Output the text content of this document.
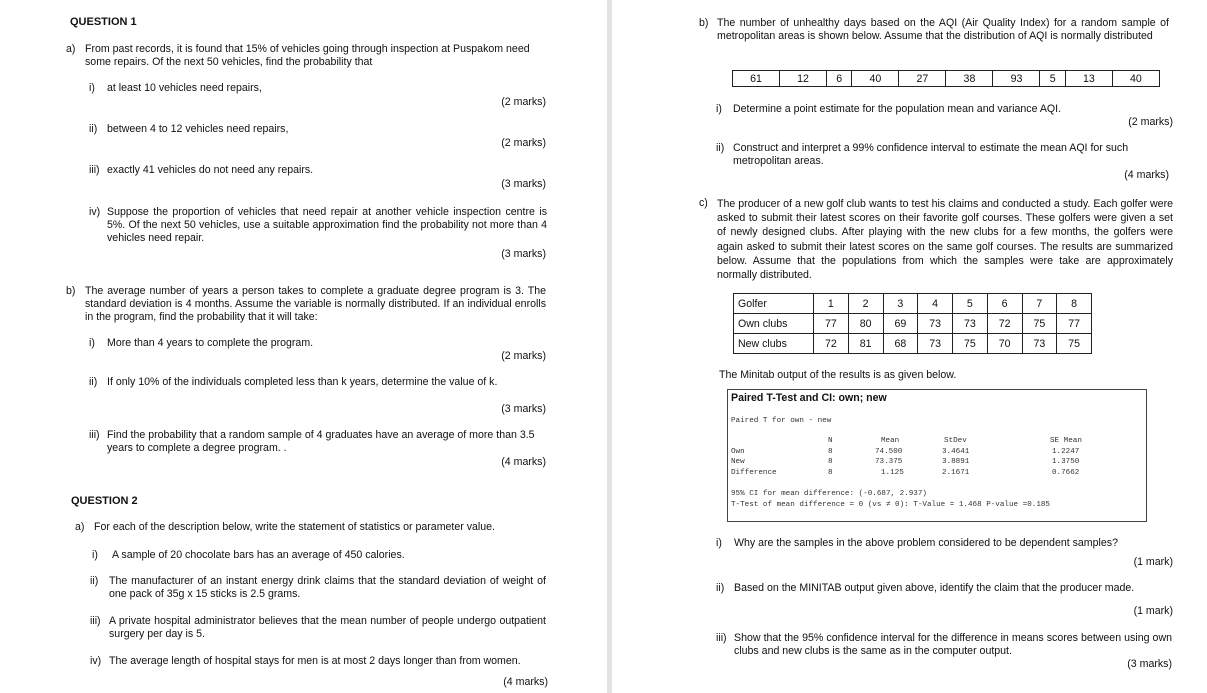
QUESTION 1
a) From past records, it is found that 15% of vehicles going through inspection at Puspakom need some repairs. Of the next 50 vehicles, find the probability that
i) at least 10 vehicles need repairs,
(2 marks)
ii) between 4 to 12 vehicles need repairs,
(2 marks)
iii) exactly 41 vehicles do not need any repairs.
(3 marks)
iv) Suppose the proportion of vehicles that need repair at another vehicle inspection centre is 5%. Of the next 50 vehicles, use a suitable approximation find the probability not more than 4 vehicles need repair.
(3 marks)
b) The average number of years a person takes to complete a graduate degree program is 3. The standard deviation is 4 months. Assume the variable is normally distributed. If an individual enrolls in the program, find the probability that it will take:
i) More than 4 years to complete the program.
(2 marks)
ii) If only 10% of the individuals completed less than k years, determine the value of k.
(3 marks)
iii) Find the probability that a random sample of 4 graduates have an average of more than 3.5 years to complete a degree program. .
(4 marks)
QUESTION 2
a) For each of the description below, write the statement of statistics or parameter value.
i) A sample of 20 chocolate bars has an average of 450 calories.
ii) The manufacturer of an instant energy drink claims that the standard deviation of weight of one pack of 35g x 15 sticks is 2.5 grams.
iii) A private hospital administrator believes that the mean number of people undergo outpatient surgery per day is 5.
iv) The average length of hospital stays for men is at most 2 days longer than from women.
(4 marks)
b) The number of unhealthy days based on the AQI (Air Quality Index) for a random sample of metropolitan areas is shown below. Assume that the distribution of AQI is normally distributed
61	12	6	40	27	38	93	5	13	40
i) Determine a point estimate for the population mean and variance AQI.
(2 marks)
ii) Construct and interpret a 99% confidence interval to estimate the mean AQI for such metropolitan areas.
(4 marks)
c) The producer of a new golf club wants to test his claims and conducted a study. Each golfer were asked to submit their latest scores on their favorite golf courses. These golfers were given a set of newly designed clubs. After playing with the new clubs for a few months, the golfers were again asked to submit their latest scores on the same golf courses. The results are summarized below. Assume that the populations from which the samples were take are approximately normally distributed.
Golfer	1	2	3	4	5	6	7	8
Own clubs	77	80	69	73	73	72	75	77
New clubs	72	81	68	73	75	70	73	75
The Minitab output of the results is as given below.
Paired T-Test and CI: own; new
Paired T for own - new
N	Mean	StDev	SE Mean
Own	8	74.500	3.4641	1.2247
New	8	73.375	3.8891	1.3750
Difference	8	1.125	2.1671	0.7662
95% CI for mean difference: (-0.687, 2.937)
T-Test of mean difference = 0 (vs ≠ 0): T-Value = 1.468 P-value =0.185
i) Why are the samples in the above problem considered to be dependent samples?
(1 mark)
ii) Based on the MINITAB output given above, identify the claim that the producer made.
(1 mark)
iii) Show that the 95% confidence interval for the difference in means scores between using own clubs and new clubs is the same as in the computer output.
(3 marks)
